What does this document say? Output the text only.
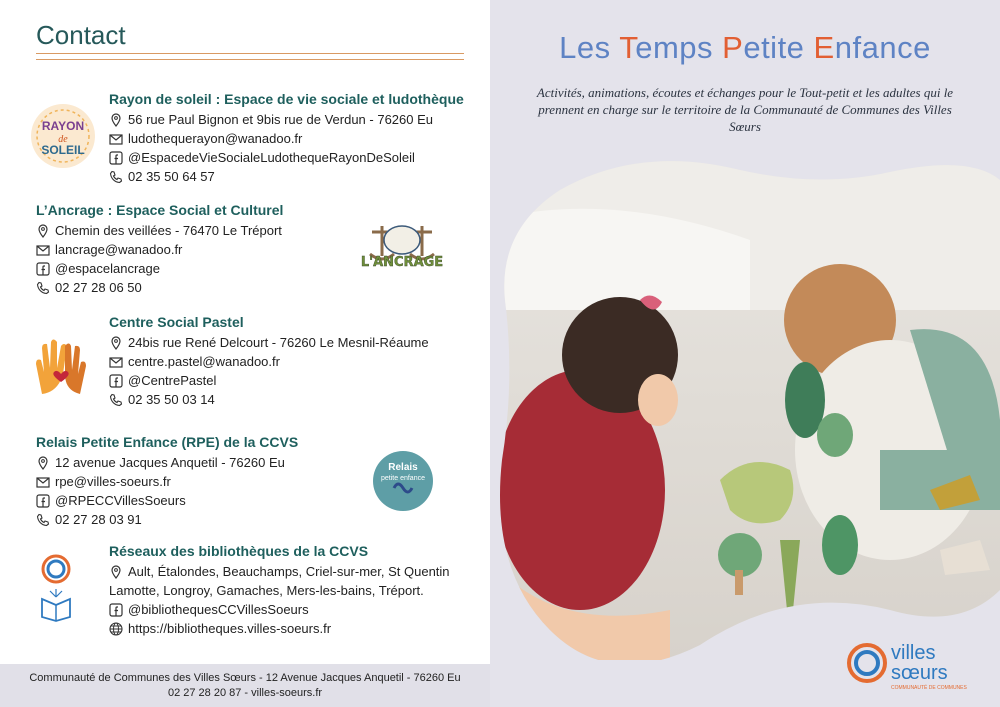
Contact
Rayon de soleil : Espace de vie sociale et ludothèque
56 rue Paul Bignon et 9bis rue de Verdun - 76260 Eu
ludothequerayon@wanadoo.fr
@EspacedeVieSocialeLudothequeRayonDeSoleil
02 35 50 64 57
L’Ancrage : Espace Social et Culturel
Chemin des veillées - 76470 Le Tréport
lancrage@wanadoo.fr
@espacelancrage
02 27 28 06 50
Centre Social Pastel
24bis rue René Delcourt - 76260 Le Mesnil-Réaume
centre.pastel@wanadoo.fr
@CentrePastel
02 35 50 03 14
Relais Petite Enfance (RPE) de la CCVS
12 avenue Jacques Anquetil - 76260 Eu
rpe@villes-soeurs.fr
@RPECCVillesSoeurs
02 27 28 03 91
Réseaux des bibliothèques de la CCVS
Ault, Étalondes, Beauchamps, Criel-sur-mer, St Quentin
Lamotte, Longroy, Gamaches, Mers-les-bains, Tréport.
@bibliothequesCCVillesSoeurs
https://bibliotheques.villes-soeurs.fr
RAYON
de
SOLEIL
L'ANCRAGE
Relais
petite enfance
Communauté de Communes des Villes Sœurs - 12 Avenue Jacques Anquetil - 76260 Eu
02 27 28 20 87 - villes-soeurs.fr
Les Temps Petite Enfance
Activités, animations, écoutes et échanges pour le Tout-petit et les adultes qui le prennent en charge sur le territoire de la Communauté de Communes des Villes Sœurs
villes
sœurs
COMMUNAUTÉ DE COMMUNES
